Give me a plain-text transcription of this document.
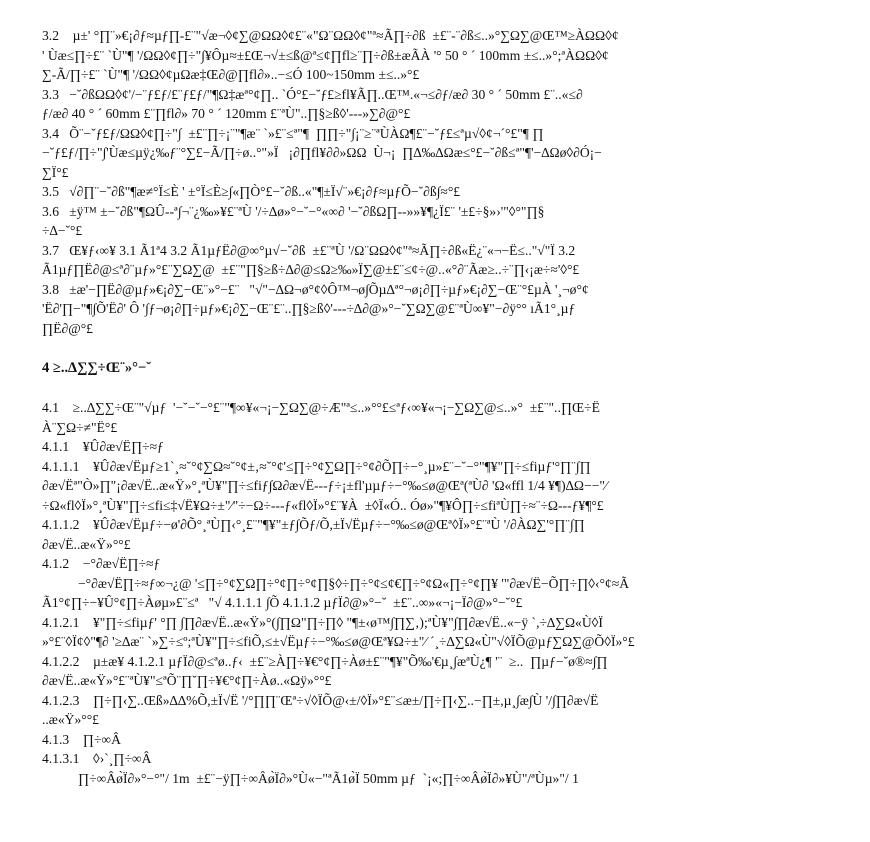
3.2    µ±' °∏¨»€¡∂ƒ≈µƒ∏-£¨"√æ¬◊¢∑@ΩΩ◊¢£¨«"Ω¨ΩΩ◊¢"ª≈Ã∏÷∂ß  ±£¨-¨∂ß≤..»°∑Ω∑@Œ™≥ÀΩΩ◊¢
' Ùæ≤∏÷£¨ `Ù"¶ '/ΩΩ◊¢∏÷"∫¥Ôµ≈±£Œ¬√±≤ß@ª≤¢∏fl≥¨∏÷∂ß±æÃÀ '° 50 ° ´ 100mm ±≤..»°;ªÀΩΩ◊¢
∑-Ã/∏÷£¨ `Ù"¶ '/ΩΩ◊¢µΩæ‡Œ∂@∏fl∂»..−≤Ó 100~150mm ±≤..»°£
3.3   −˘∂ßΩΩ◊¢'/−¨ƒ£ƒ/£¨ƒ£ƒ/"¶Ω‡æª°¢∏.. `Ó°£−˘ƒ£≥fl¥Ã∏..Œ™.«¬≤∂ƒ/æ∂ 30 ° ´ 50mm £¨..«≤∂
ƒ/æ∂ 40 ° ´ 60mm £¨∏fl∂» 70 ° ´ 120mm £¨ªÙ"..∏§≥ß◊'---»∑∂@°£
3.4   Õ¨−˘ƒ£ƒ/ΩΩ◊¢∏÷"∫  ±£¨∏÷¡¨"¶æ¨ `»£¨≤ª"¶  ∏∏÷"∫¡¨≥¨ªÙÀΩ¶£¨−˘ƒ£≤ªµ√◊¢¬´°£"¶ ∏
−˘ƒ£ƒ/∏÷"∫'Ùæ≤µÿ¿‰ƒ¨°∑£−Ã/∏÷ø..°"»Ï   ¡∂∏fl¥∂∂»ΩΩ  Ù¬¡  ∏∆‰∆Ωæ≤°£−˘∂ß≤ª"¶'−∆Ωø◊∂Ó¡−
∑Ï°£
3.5   √∂∏¨−˘∂ß"¶æ≠°Ï≤È ' ±°Ï≤È≥∫«∏Ò°£−˘∂ß..«"¶±Ï√¨»€¡∂ƒ≈µƒÕ−˘∂ß∫≈°£
3.6   ±ÿ™ ±−˘∂ß"¶ΩÛ--ª∫¬¨¿‰»¥£¨ªÙ '/÷∆ø»°−˘−°«∞∂ '−˘∂ßΩ∏--»»¥¶¿Ï£¨ '±£÷§»›'"◊°"∏§
÷∆−˘°£
3.7   Œ¥ƒ‹∞¥ 3.1 Ã1ª4 3.2 Ã1µƒË∂@∞°µ√−˘∂ß  ±£¨ªÙ '/Ω¨ΩΩ◊¢"ª≈Ã∏÷∂ß«Ë¿¨«¬−Ë≤.."√"Ï 3.2
Ã1µƒ∏Ë∂@≤ª∂¨µƒ»°£¨∑Ω∑@  ±£¨"∏§≥ß÷∆∂@≤Ω≥‰»Ï∑@±£¨≤¢÷@..«°∂¨Ãæ≥..÷¨∏‹¡æ÷≈'◊°£
3.8   ±æ'−∏Ë∂@µƒ»€¡∂∑−Œ¨»°−£¨   "√"−∆Ω¬ø°¢◊Ô™¬ø∫Õµ∆ª°¬ø¡∂∏÷µƒ»€¡∂∑−Œ¨°£µÀ '¸¬ø°¢
'Ë∂'∏−"¶∫Õ'Ë∂' Ô '∫ƒ¬ø¡∂∏÷µƒ»€¡∂∑−Œ¨£¨..∏§≥ß◊'---÷∆∂@»°−˘∑Ω∑@£¨ªÙ∞¥"−∂ÿ°° ıÃ1°¸µƒ
∏Ë∂@°£
4 ≥..∆∑∑÷Œ¨»°−˘
4.1    ≥..∆∑∑÷Œ¨"√µƒ  '−˘−˘−°£¨"¶∞¥«¬¡−∑Ω∑@÷Æ"ª≤..»°°£≤ªƒ‹∞¥«¬¡−∑Ω∑@≤..»°  ±£¨"..∏Œ÷Ë
À¨∑Ω÷≠"Ë°£
4.1.1    ¥Û∂æ√Ë∏÷≈ƒ
4.1.1.1    ¥Û∂æ√Ëµƒ≥1`¸≈˘°¢∑Ω≈˘°¢±‚≈˘°¢'≤∏÷°¢∑Ω∏÷°¢∂Õ∏÷−°¸µ»£¨−˘−°"¶¥"∏÷≤fiµƒ'°∏¨∫∏
∂æ√Ëª"Ò»∏"¡∂æ√Ë..æ«Ÿ»°¸ªÙ¥"∏÷≤fiƒ∫Ω∂æ√Ë---ƒ÷¡±fl'µµƒ÷−°‰≤ø@Œª(ªÙ∂ 'Ω«ffl 1/4 ¥¶)∆Ω−−"⁄
÷Ω«fl◊Ï»°¸ªÙ¥"∏÷≤fi≤‡√Ë¥Ω÷±"⁄"÷−Ω÷---ƒ«fl◊Ï»°£¨¥À  ±◊Ï«Ó.. Óø»"¶¥Ô∏÷≤fiªÙ∏÷≈¨÷Ω---ƒ¥¶°£
4.1.1.2    ¥Û∂æ√Ëµƒ÷−ø'∂Õ°¸ªÙ∏‹°¸£¨"¶¥"±ƒ∫Õƒ/Õ,±Ï√Ëµƒ÷−°‰≤ø@Œª◊Ï»°£¨ªÙ '/∂ÀΩ∑'°∏¨∫∏
∂æ√Ë..æ«Ÿ»°°£
4.1.2    −°∂æ√Ë∏÷≈ƒ
−°∂æ√Ë∏÷≈ƒ∞¬¿@ '≤∏÷°¢∑Ω∏÷°¢∏÷°¢∏§◊÷∏÷°¢≤¢€∏÷°¢Ω«∏÷°¢∏¥ '"∂æ√Ë−Õ∏÷∏◊‹°¢≈Ã
Ã1°¢∏÷−¥Û°¢∏÷Àøµ»£¨≤ª   "√ 4.1.1.1 ∫Õ 4.1.1.2 µƒÏ∂@»°−˘  ±£¨..∞»«¬¡−Ï∂@»°−˘°£
4.1.2.1    ¥"∏÷≤fiµƒ' °∏ ∫∏∂æ√Ë..æ«Ÿ»°(∫∏Ω"∏÷∏◊ "¶±‹ø™∫∏∑‚);ªÙ¥"∫∏∂æ√Ë..«−ÿ `,÷∆∑Ω«Ù◊Ï
»°£¨◊Ï¢◊"¶∂ '≥∆æ¨ `»∑÷≤º;ªÙ¥"∏÷≤fiÕ,≤±√Ëµƒ÷−°‰≤ø@Œª¥Ω÷±"⁄ ´¸÷∆∑Ω«Ù"√◊ÏÕ@µƒ∑Ω∑@Õ◊Ï»°£
4.1.2.2    µ±æ¥ 4.1.2.1 µƒÏ∂@≤ªø..ƒ‹  ±£¨≥À∏÷¥€°¢∏÷Àø±£¨"¶¥"Õ‰'€µ¸∫æªÙ¿¶ '¨  ≥..  ∏µƒ−˘ø®≈∫∏
∂æ√Ë..æ«Ÿ»°£¨ªÙ¥"≤ªÕ¨∏˘∏÷¥€°¢∏÷Àø..«Ωÿ»°°£
4.1.2.3    ∏÷∏‹∑..Œß»∆∆%Õ,±Ï√Ë '/°∏∏¨Œª÷√◊ÏÕ@‹±/◊Ï»°£¨≤æ±/∏÷∏‹∑..−∏±,µ¸∫æ∫Ù '/∫∏∂æ√Ë
..æ«Ÿ»°°£
4.1.3    ∏÷∞Â
4.1.3.1    ◊›`¸∏÷∞Â
∏÷∞Âø̀Ï∂»°−°"/ 1m  ±£¨−ÿ∏÷∞Âø̀Ï∂»°Ù«−"ªÃ1ø̀Ï 50mm µƒ  `¡«;∏÷∞Âø̀Ï∂»¥Ù"/ªÙµ»"/ 1
